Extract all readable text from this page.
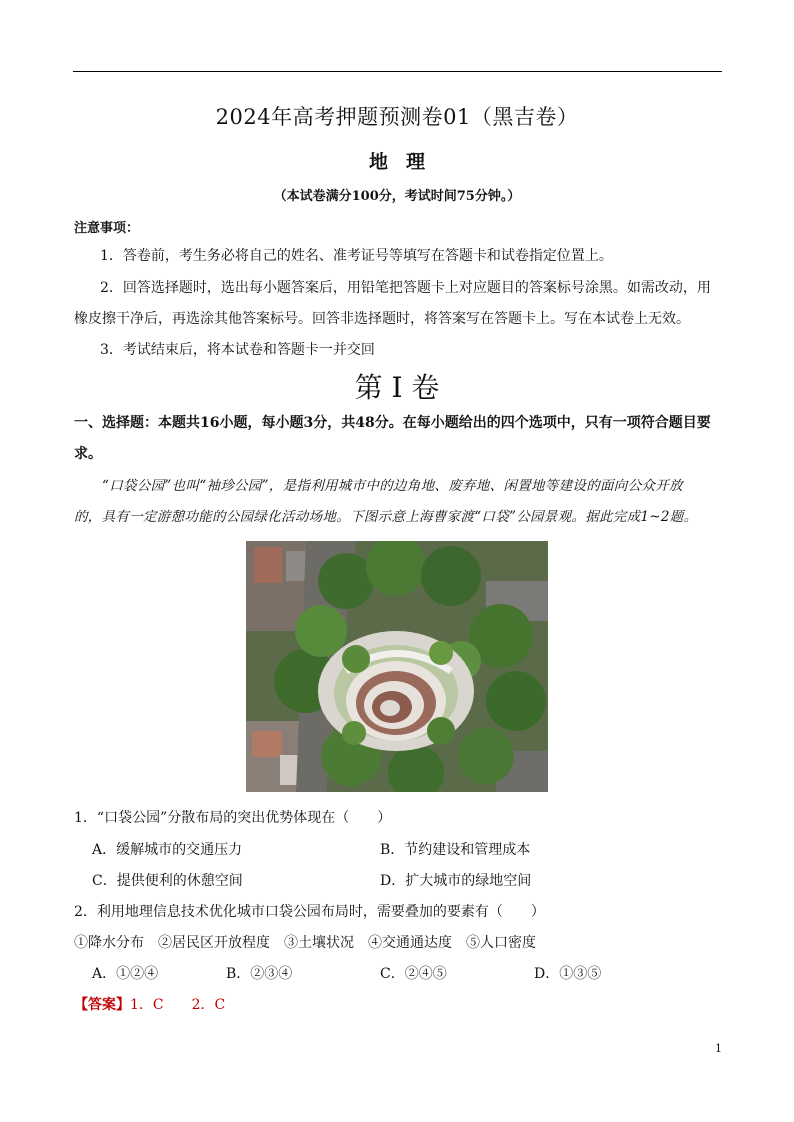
2024年高考押题预测卷01（黑吉卷）
地理
（本试卷满分100分，考试时间75分钟。）
注意事项：
1．答卷前，考生务必将自己的姓名、准考证号等填写在答题卡和试卷指定位置上。
2．回答选择题时，选出每小题答案后，用铅笔把答题卡上对应题目的答案标号涂黑。如需改动，用
橡皮擦干净后，再选涂其他答案标号。回答非选择题时，将答案写在答题卡上。写在本试卷上无效。
3．考试结束后，将本试卷和答题卡一并交回
第 I 卷
一、选择题：本题共16小题，每小题3分，共48分。在每小题给出的四个选项中，只有一项符合题目要
求。
“口袋公园”也叫“袖珍公园”，是指利用城市中的边角地、废弃地、闲置地等建设的面向公众开放
的，具有一定游憩功能的公园绿化活动场地。下图示意上海曹家渡“口袋”公园景观。据此完成1~2题。
1．“口袋公园”分散布局的突出优势体现在（　　）
A．缓解城市的交通压力	B．节约建设和管理成本
C．提供便利的休憩空间	D．扩大城市的绿地空间
2．利用地理信息技术优化城市口袋公园布局时，需要叠加的要素有（　　）
①降水分布　②居民区开放程度　③土壤状况　④交通通达度　⑤人口密度
A．①②④	B．②③④	C．②④⑤	D．①③⑤
【答案】1．C　　2．C
1
